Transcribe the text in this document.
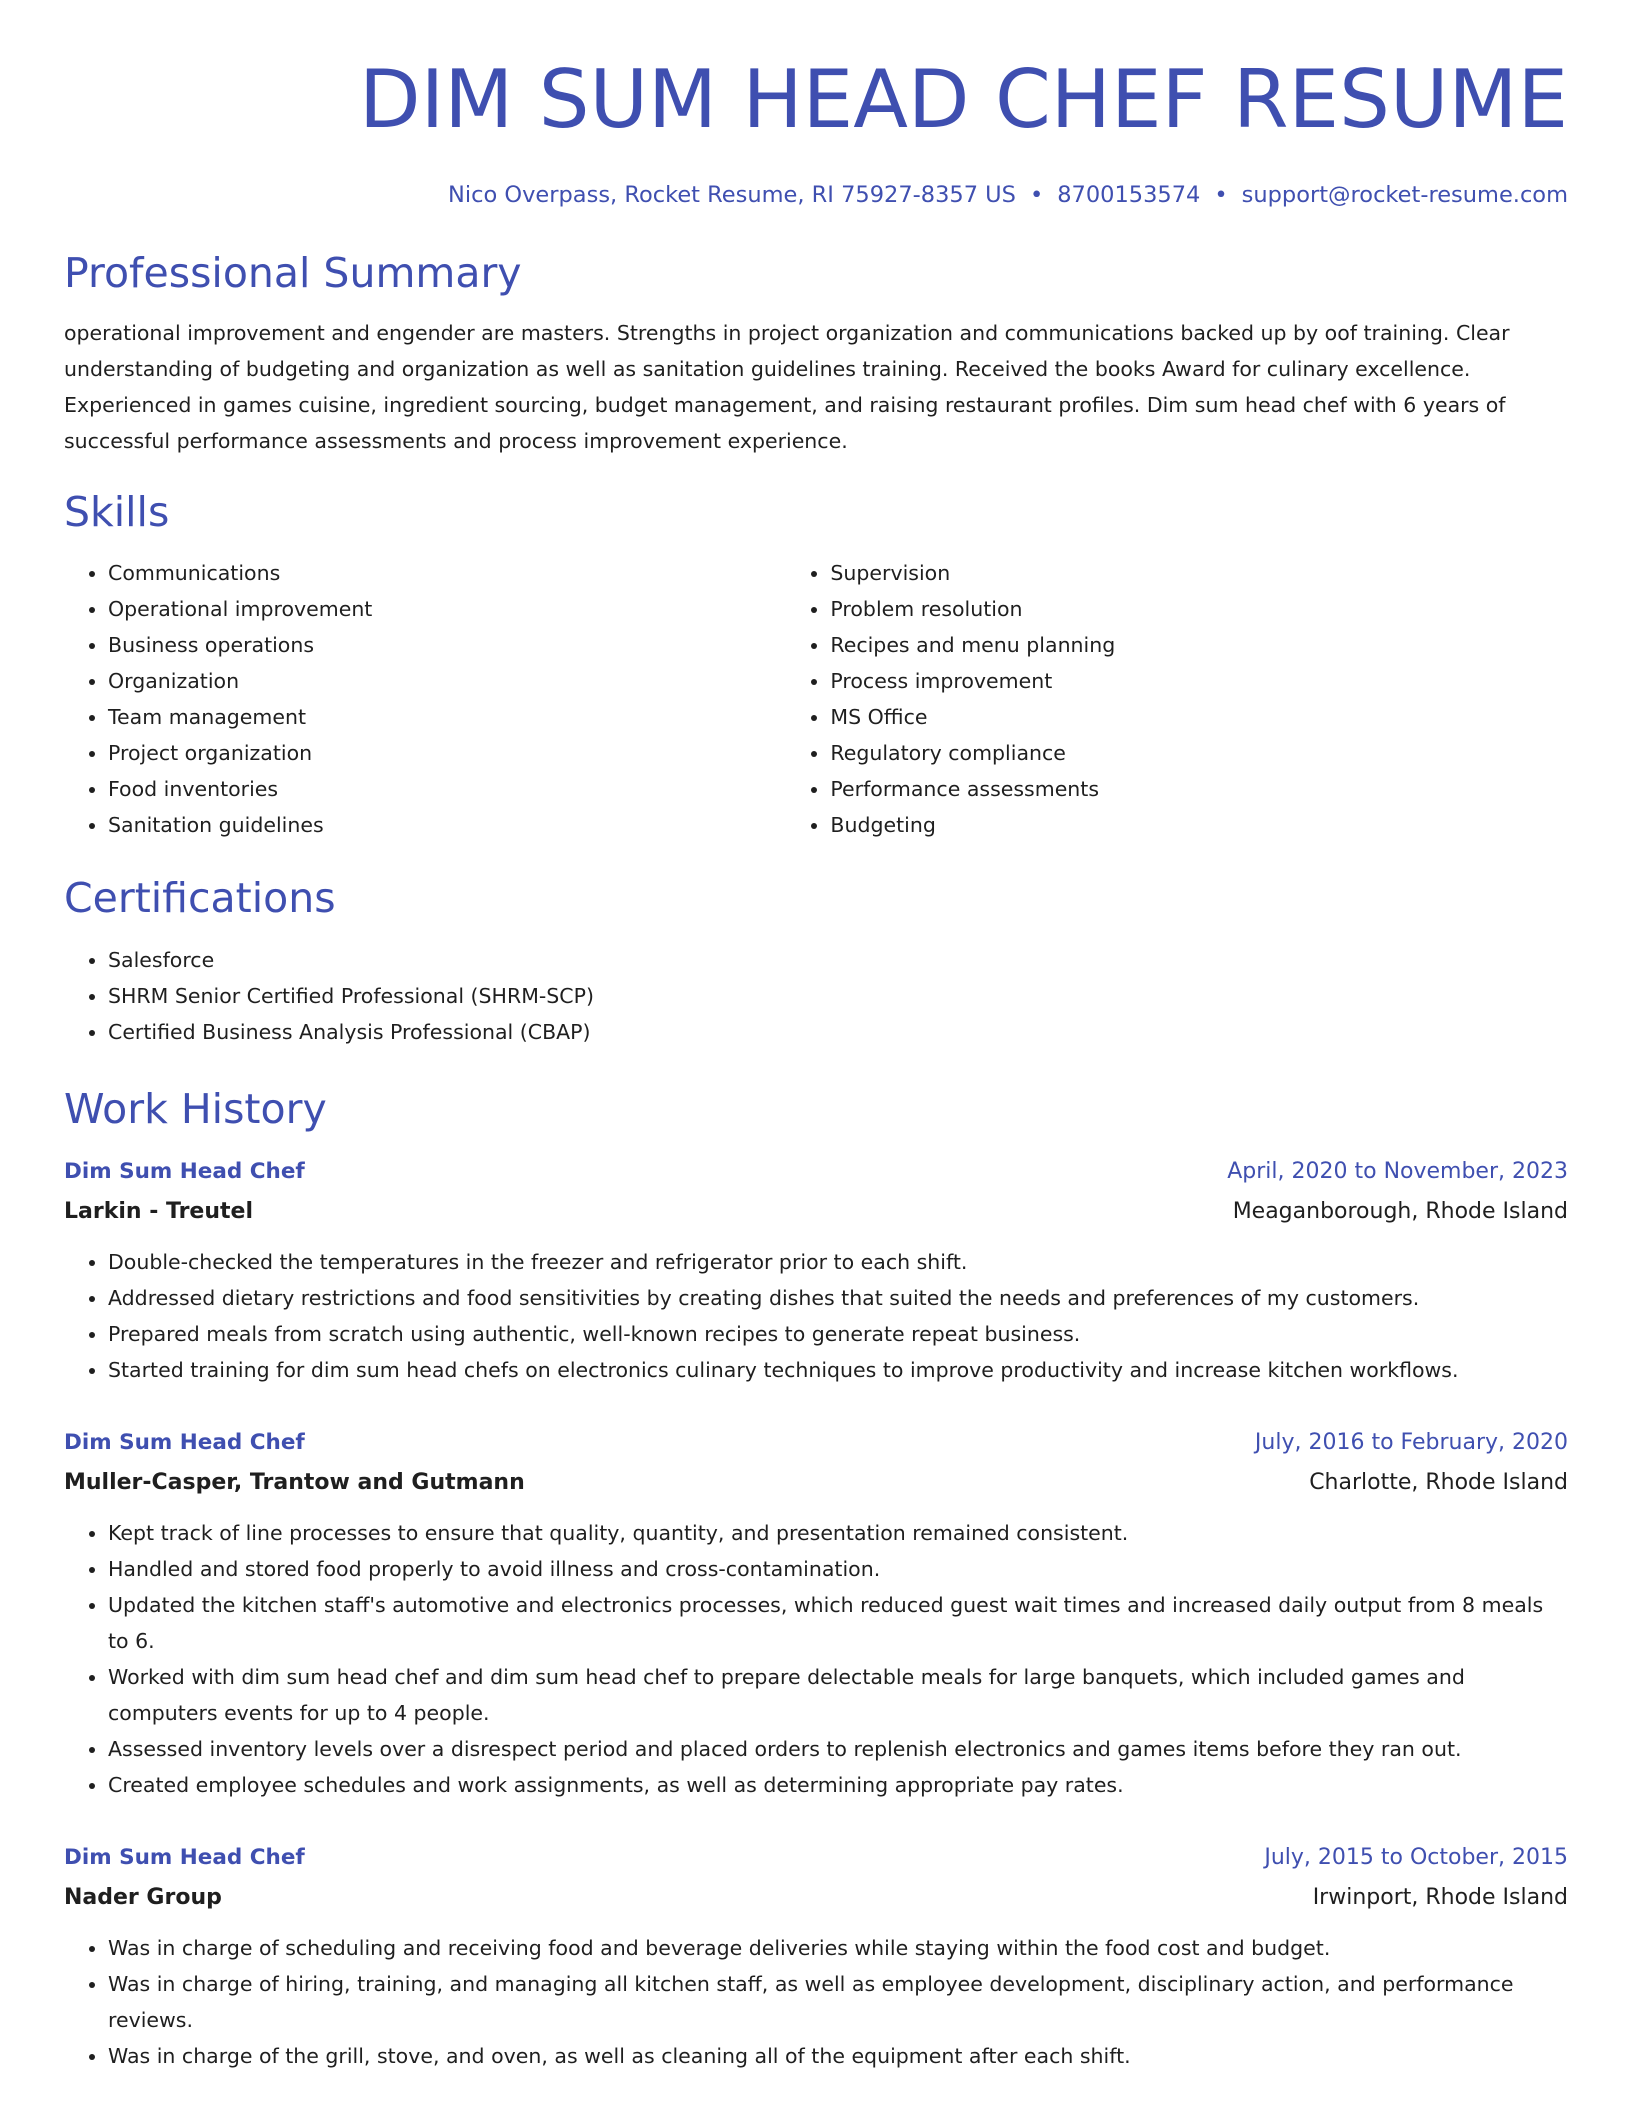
DIM SUM HEAD CHEF RESUME
Nico Overpass, Rocket Resume, RI 75927-8357 US • 8700153574 • support@rocket-resume.com
Professional Summary
operational improvement and engender are masters. Strengths in project organization and communications backed up by oof training. Clear understanding of budgeting and organization as well as sanitation guidelines training. Received the books Award for culinary excellence. Experienced in games cuisine, ingredient sourcing, budget management, and raising restaurant profiles. Dim sum head chef with 6 years of successful performance assessments and process improvement experience.
Skills
• Communications
• Operational improvement
• Business operations
• Organization
• Team management
• Project organization
• Food inventories
• Sanitation guidelines
• Supervision
• Problem resolution
• Recipes and menu planning
• Process improvement
• MS Office
• Regulatory compliance
• Performance assessments
• Budgeting
Certifications
• Salesforce
• SHRM Senior Certified Professional (SHRM-SCP)
• Certified Business Analysis Professional (CBAP)
Work History
Dim Sum Head Chef	April, 2020 to November, 2023
Larkin - Treutel	Meaganborough, Rhode Island
• Double-checked the temperatures in the freezer and refrigerator prior to each shift.
• Addressed dietary restrictions and food sensitivities by creating dishes that suited the needs and preferences of my customers.
• Prepared meals from scratch using authentic, well-known recipes to generate repeat business.
• Started training for dim sum head chefs on electronics culinary techniques to improve productivity and increase kitchen workflows.
Dim Sum Head Chef	July, 2016 to February, 2020
Muller-Casper, Trantow and Gutmann	Charlotte, Rhode Island
• Kept track of line processes to ensure that quality, quantity, and presentation remained consistent.
• Handled and stored food properly to avoid illness and cross-contamination.
• Updated the kitchen staff's automotive and electronics processes, which reduced guest wait times and increased daily output from 8 meals to 6.
• Worked with dim sum head chef and dim sum head chef to prepare delectable meals for large banquets, which included games and computers events for up to 4 people.
• Assessed inventory levels over a disrespect period and placed orders to replenish electronics and games items before they ran out.
• Created employee schedules and work assignments, as well as determining appropriate pay rates.
Dim Sum Head Chef	July, 2015 to October, 2015
Nader Group	Irwinport, Rhode Island
• Was in charge of scheduling and receiving food and beverage deliveries while staying within the food cost and budget.
• Was in charge of hiring, training, and managing all kitchen staff, as well as employee development, disciplinary action, and performance reviews.
• Was in charge of the grill, stove, and oven, as well as cleaning all of the equipment after each shift.
